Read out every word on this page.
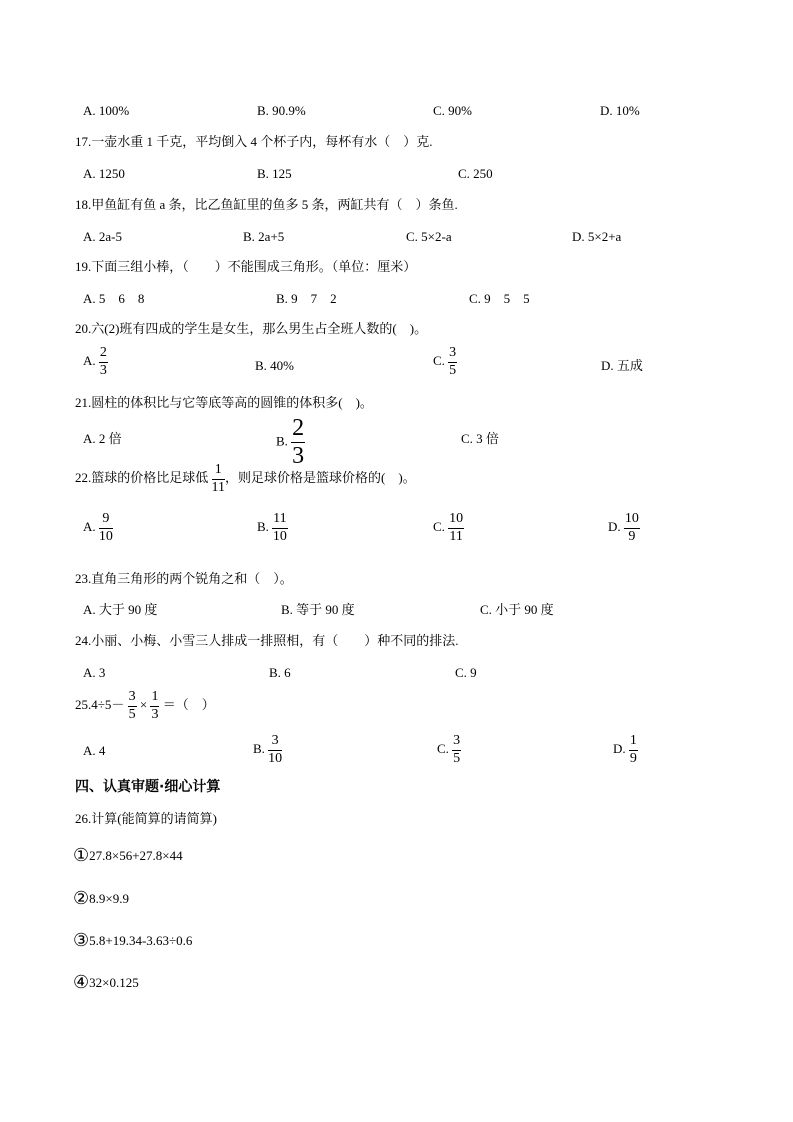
A. 100%	B. 90.9%	C. 90%	D. 10%
17.一壶水重 1 千克，平均倒入 4 个杯子内，每杯有水（　）克.
A. 1250	B. 125	C. 250
18.甲鱼缸有鱼 a 条，比乙鱼缸里的鱼多 5 条，两缸共有（　）条鱼.
A. 2a-5	B. 2a+5	C. 5×2-a	D. 5×2+a
19.下面三组小棒，（　　）不能围成三角形。（单位：厘米）
A. 5　6　8	B. 9　7　2	C. 9　5　5
20.六(2)班有四成的学生是女生，那么男生占全班人数的(　)。
A. $\frac{2}{3}$	B. 40%	C. $\frac{3}{5}$	D. 五成
21.圆柱的体积比与它等底等高的圆锥的体积多(　)。
A. 2 倍	B. $\frac{2}{3}$	C. 3 倍
22.篮球的价格比足球低 $\frac{1}{11}$ ，则足球价格是篮球价格的(　)。
A. $\frac{9}{10}$	B. $\frac{11}{10}$	C. $\frac{10}{11}$	D. $\frac{10}{9}$
23.直角三角形的两个锐角之和（　）。
A. 大于 90 度	B. 等于 90 度	C. 小于 90 度
24.小丽、小梅、小雪三人排成一排照相，有（　　）种不同的排法.
A. 3	B. 6	C. 9
$25.4\div 5- \frac{3}{5} \times \frac{1}{3}$ ＝（　）
A. 4	B. $\frac{3}{10}$	C. $\frac{3}{5}$	D. $\frac{1}{9}$
四、认真审题·细心计算
26.计算(能简算的请简算)
①27.8×56+27.8×44
②8.9×9.9
③5.8+19.34-3.63÷0.6
④32×0.125
